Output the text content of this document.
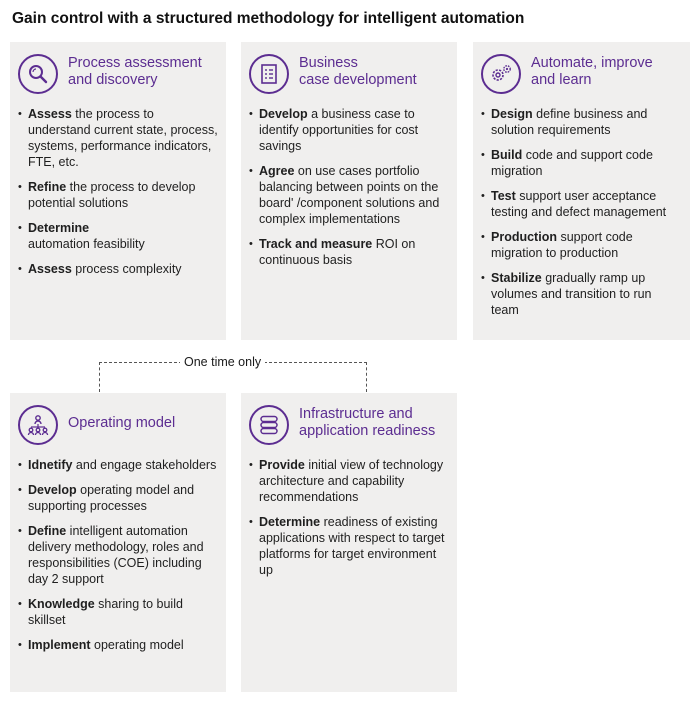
Gain control with a structured methodology for intelligent automation
Process assessment
and discovery
• Assess the process to understand current state, process, systems, performance indicators, FTE, etc.
• Refine the process to develop potential solutions
• Determine
automation feasibility
• Assess process complexity
Business
case development
• Develop a business case to identify opportunities for cost savings
• Agree on use cases portfolio balancing between points on the board' /component solutions and complex implementations
• Track and measure ROI on continuous basis
Automate, improve
and learn
• Design define business and solution requirements
• Build code and support code migration
• Test support user acceptance testing and defect management
• Production support code migration to production
• Stabilize gradually ramp up volumes and transition to run team
One time only
Operating model
• Idnetify and engage stakeholders
• Develop operating model and supporting processes
• Define intelligent automation delivery methodology, roles and responsibilities (COE) including day 2 support
• Knowledge sharing to build skillset
• Implement operating model
Infrastructure and
application readiness
• Provide initial view of technology architecture and capability recommendations
• Determine readiness of existing applications with respect to target platforms for target environment up
